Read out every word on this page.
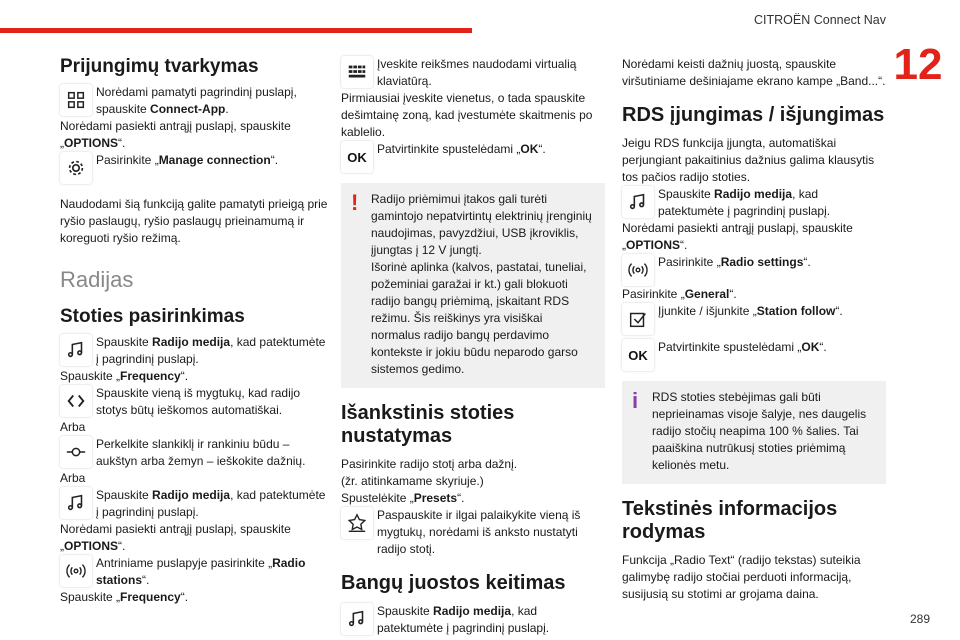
CITROËN Connect Nav
12
Prijungimų tvarkymas
Norėdami pamatyti pagrindinį puslapį, spauskite Connect-App.

Norėdami pasiekti antrąjį puslapį, spauskite „OPTIONS“.

Pasirinkite „Manage connection“.

Naudodami šią funkciją galite pamatyti prieigą prie ryšio paslaugų, ryšio paslaugų prieinamumą ir koreguoti ryšio režimą.

Radijas
Stoties pasirinkimas
Spauskite Radijo medija, kad patektumėte į pagrindinį puslapį.

Spauskite „Frequency“.

Spauskite vieną iš mygtukų, kad radijo stotys būtų ieškomos automatiškai.

Arba

Perkelkite slankiklį ir rankiniu būdu – aukštyn arba žemyn – ieškokite dažnių.

Arba

Spauskite Radijo medija, kad patektumėte į pagrindinį puslapį.

Norėdami pasiekti antrąjį puslapį, spauskite „OPTIONS“.

Antriniame puslapyje pasirinkite „Radio stations“.

Spauskite „Frequency“.

Įveskite reikšmes naudodami virtualią klaviatūrą.

Pirmiausiai įveskite vienetus, o tada spauskite dešimtainę zoną, kad įvestumėte skaitmenis po kablelio.

OK
Patvirtinkite spustelėdami „OK“.
! Radijo priėmimui įtakos gali turėti gamintojo nepatvirtintų elektrinių įrenginių naudojimas, pavyzdžiui, USB įkroviklis, įjungtas į 12 V jungtį.

Išorinė aplinka (kalvos, pastatai, tuneliai, požeminiai garažai ir kt.) gali blokuoti radijo bangų priėmimą, įskaitant RDS režimu. Šis reiškinys yra visiškai normalus radijo bangų perdavimo kontekste ir jokiu būdu neparodo garso sistemos gedimo.

Išankstinis stoties nustatymas

Pasirinkite radijo stotį arba dažnį.

(žr. atitinkamame skyriuje.)

Spustelėkite „Presets“.

Paspauskite ir ilgai palaikykite vieną iš mygtukų, norėdami iš anksto nustatyti radijo stotį.
Bangų juostos keitimas
Spauskite Radijo medija, kad patektumėte į pagrindinį puslapį.

Norėdami keisti dažnių juostą, spauskite viršutiniame dešiniajame ekrano kampe „Band...“.

RDS įjungimas / išjungimas

Jeigu RDS funkcija įjungta, automatiškai perjungiant pakaitinius dažnius galima klausytis tos pačios radijo stoties.

Spauskite Radijo medija, kad patektumėte į pagrindinį puslapį.

Norėdami pasiekti antrąjį puslapį, spauskite „OPTIONS“.

Pasirinkite „Radio settings“.

Pasirinkite „General“.

Įjunkite / išjunkite „Station follow“.
OK
Patvirtinkite spustelėdami „OK“.
i RDS stoties stebėjimas gali būti neprieinamas visoje šalyje, nes daugelis radijo stočių neapima 100 % šalies. Tai paaiškina nutrūkusį stoties priėmimą kelionės metu.

Tekstinės informacijos rodymas

Funkcija „Radio Text“ (radijo tekstas) suteikia galimybę radijo stočiai perduoti informaciją, susijusią su stotimi ar grojama daina.

289
